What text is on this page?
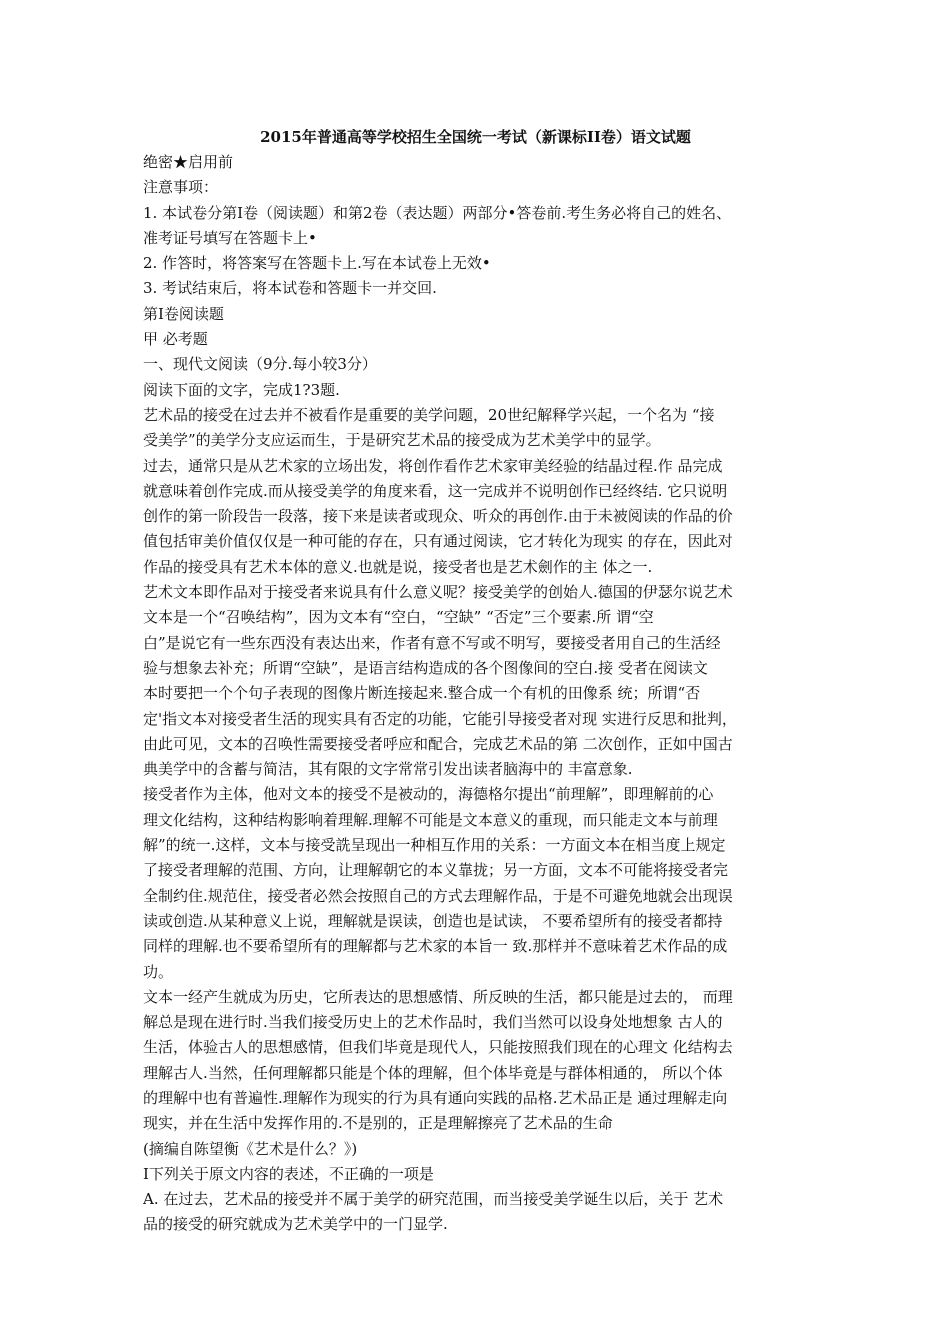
2015年普通高等学校招生全国统一考试（新课标II卷）语文试题
绝密★启用前
注意事项：
1. 本试卷分第I卷（阅读题）和第2卷（表达题）两部分•答卷前.考生务必将自己的姓名、
准考证号填写在答题卡上•
2. 作答时，将答案写在答题卡上.写在本试卷上无效•
3. 考试结束后，将本试卷和答题卡一并交回.
第I卷阅读题
甲 必考题
一、现代文阅读（9分.每小较3分）
阅读下面的文字，完成1?3题.
艺术品的接受在过去并不被看作是重要的美学问题，20世纪解释学兴起，一个名为 “接
受美学”的美学分支应运而生，于是研究艺术品的接受成为艺术美学中的显学。
过去，通常只是从艺术家的立场出发，将创作看作艺术家审美经验的结晶过程.作 品完成
就意味着创作完成.而从接受美学的角度来看，这一完成并不说明创作已经终结. 它只说明
创作的第一阶段告一段落，接下来是读者或现众、听众的再创作.由于未被阅读的作品的价
值包括审美价值仅仅是一种可能的存在，只有通过阅读，它才转化为现实 的存在，因此对
作品的接受具有艺术本体的意义.也就是说，接受者也是艺术劍作的主 体之一.
艺术文本即作品对于接受者来说具有什么意义呢？接受美学的创始人.德国的伊瑟尔说艺术
文本是一个“召唤结构”，因为文本有“空白，“空缺” “否定”三个要素.所 谓“空
白”是说它有一些东西没有表达出来，作者有意不写或不明写，要接受者用自己的生活经
验与想象去补充；所谓“空缺”，是语言结构造成的各个图像间的空白.接 受者在阅读文
本时要把一个个句子表现的图像片断连接起来.整合成一个有机的田像系 统；所谓“否
定'指文本对接受者生活的现实具有否定的功能，它能引导接受者对现 实进行反思和批判，
由此可见，文本的召唤性需要接受者呼应和配合，完成艺术品的第 二次创作，正如中国古
典美学中的含蓄与简洁，其有限的文字常常引发出读者脑海中的 丰富意象.
接受者作为主体，他对文本的接受不是被动的，海德格尔提出“前理解”，即理解前的心
理文化结构，这种结构影响着理解.理解不可能是文本意义的重现，而只能走文本与前理
解”的统一.这样，文本与接受詵呈现出一种相互作用的关系：一方面文本在相当度上规定
了接受者理解的范围、方向，让理解朝它的本义靠拢；另一方面，文本不可能将接受者完
全制约住.规范住，接受者必然会按照自己的方式去理解作品，于是不可避免地就会出现误
读或创造.从某种意义上说，理解就是误读，创造也是试读， 不要希望所有的接受者都持
同样的理解.也不要希望所有的理解都与艺术家的本旨一 致.那样并不意味着艺术作品的成
功。
文本一经产生就成为历史，它所表达的思想感情、所反映的生活，都只能是过去的， 而理
解总是现在进行时.当我们接受历史上的艺术作品时，我们当然可以设身处地想象 古人的
生活，体验古人的思想感情，但我们毕竟是现代人，只能按照我们现在的心理文 化结构去
理解古人.当然，任何理解都只能是个体的理解，但个体毕竟是与群体相通的， 所以个体
的理解中也有普遍性.理解作为现实的行为具有通向实践的品格.艺术品正是 通过理解走向
现实，并在生活中发挥作用的.不是别的，正是理解擦亮了艺术品的生命
(摘编自陈望衡《艺术是什么？》)
I下列关于原文内容的表述，不正确的一项是
A. 在过去，艺术品的接受并不属于美学的研究范围，而当接受美学诞生以后，关于 艺术
品的接受的研究就成为艺术美学中的一门显学.
